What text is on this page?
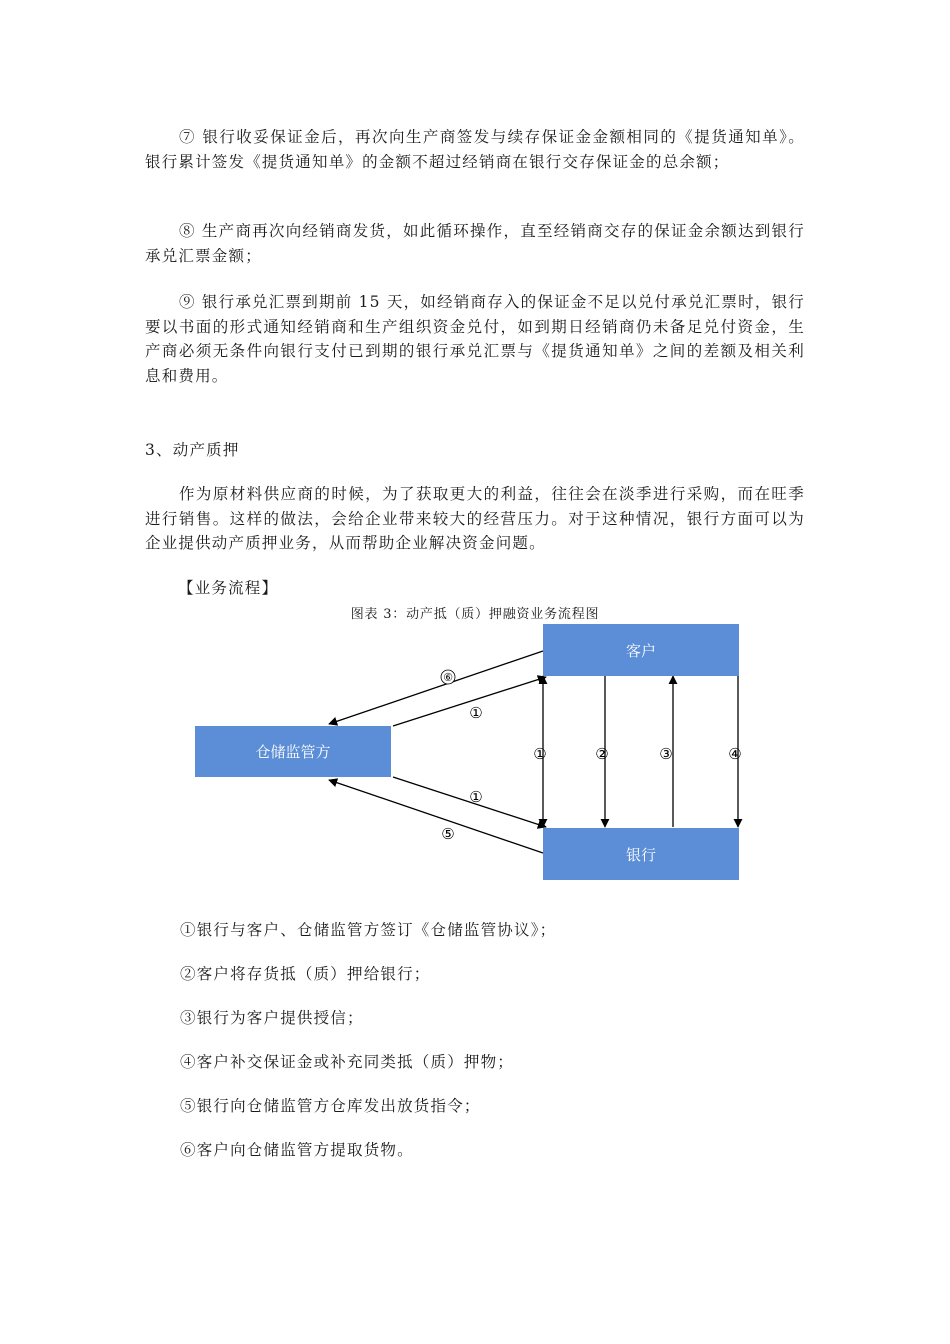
⑦ 银行收妥保证金后，再次向生产商签发与续存保证金金额相同的《提货通知单》。银行累计签发《提货通知单》的金额不超过经销商在银行交存保证金的总余额；

⑧ 生产商再次向经销商发货，如此循环操作，直至经销商交存的保证金余额达到银行承兑汇票金额；

⑨ 银行承兑汇票到期前 15 天，如经销商存入的保证金不足以兑付承兑汇票时，银行要以书面的形式通知经销商和生产组织资金兑付，如到期日经销商仍未备足兑付资金，生产商必须无条件向银行支付已到期的银行承兑汇票与《提货通知单》之间的差额及相关利息和费用。

3、动产质押

作为原材料供应商的时候，为了获取更大的利益，往往会在淡季进行采购，而在旺季进行销售。这样的做法，会给企业带来较大的经营压力。对于这种情况，银行方面可以为企业提供动产质押业务，从而帮助企业解决资金问题。

【业务流程】

图表 3：动产抵（质）押融资业务流程图
⑥
①
①
⑤
①	②	③	④
客户
仓储监管方
银行

①银行与客户、仓储监管方签订《仓储监管协议》；

②客户将存货抵（质）押给银行；

③银行为客户提供授信；

④客户补交保证金或补充同类抵（质）押物；

⑤银行向仓储监管方仓库发出放货指令；

⑥客户向仓储监管方提取货物。
